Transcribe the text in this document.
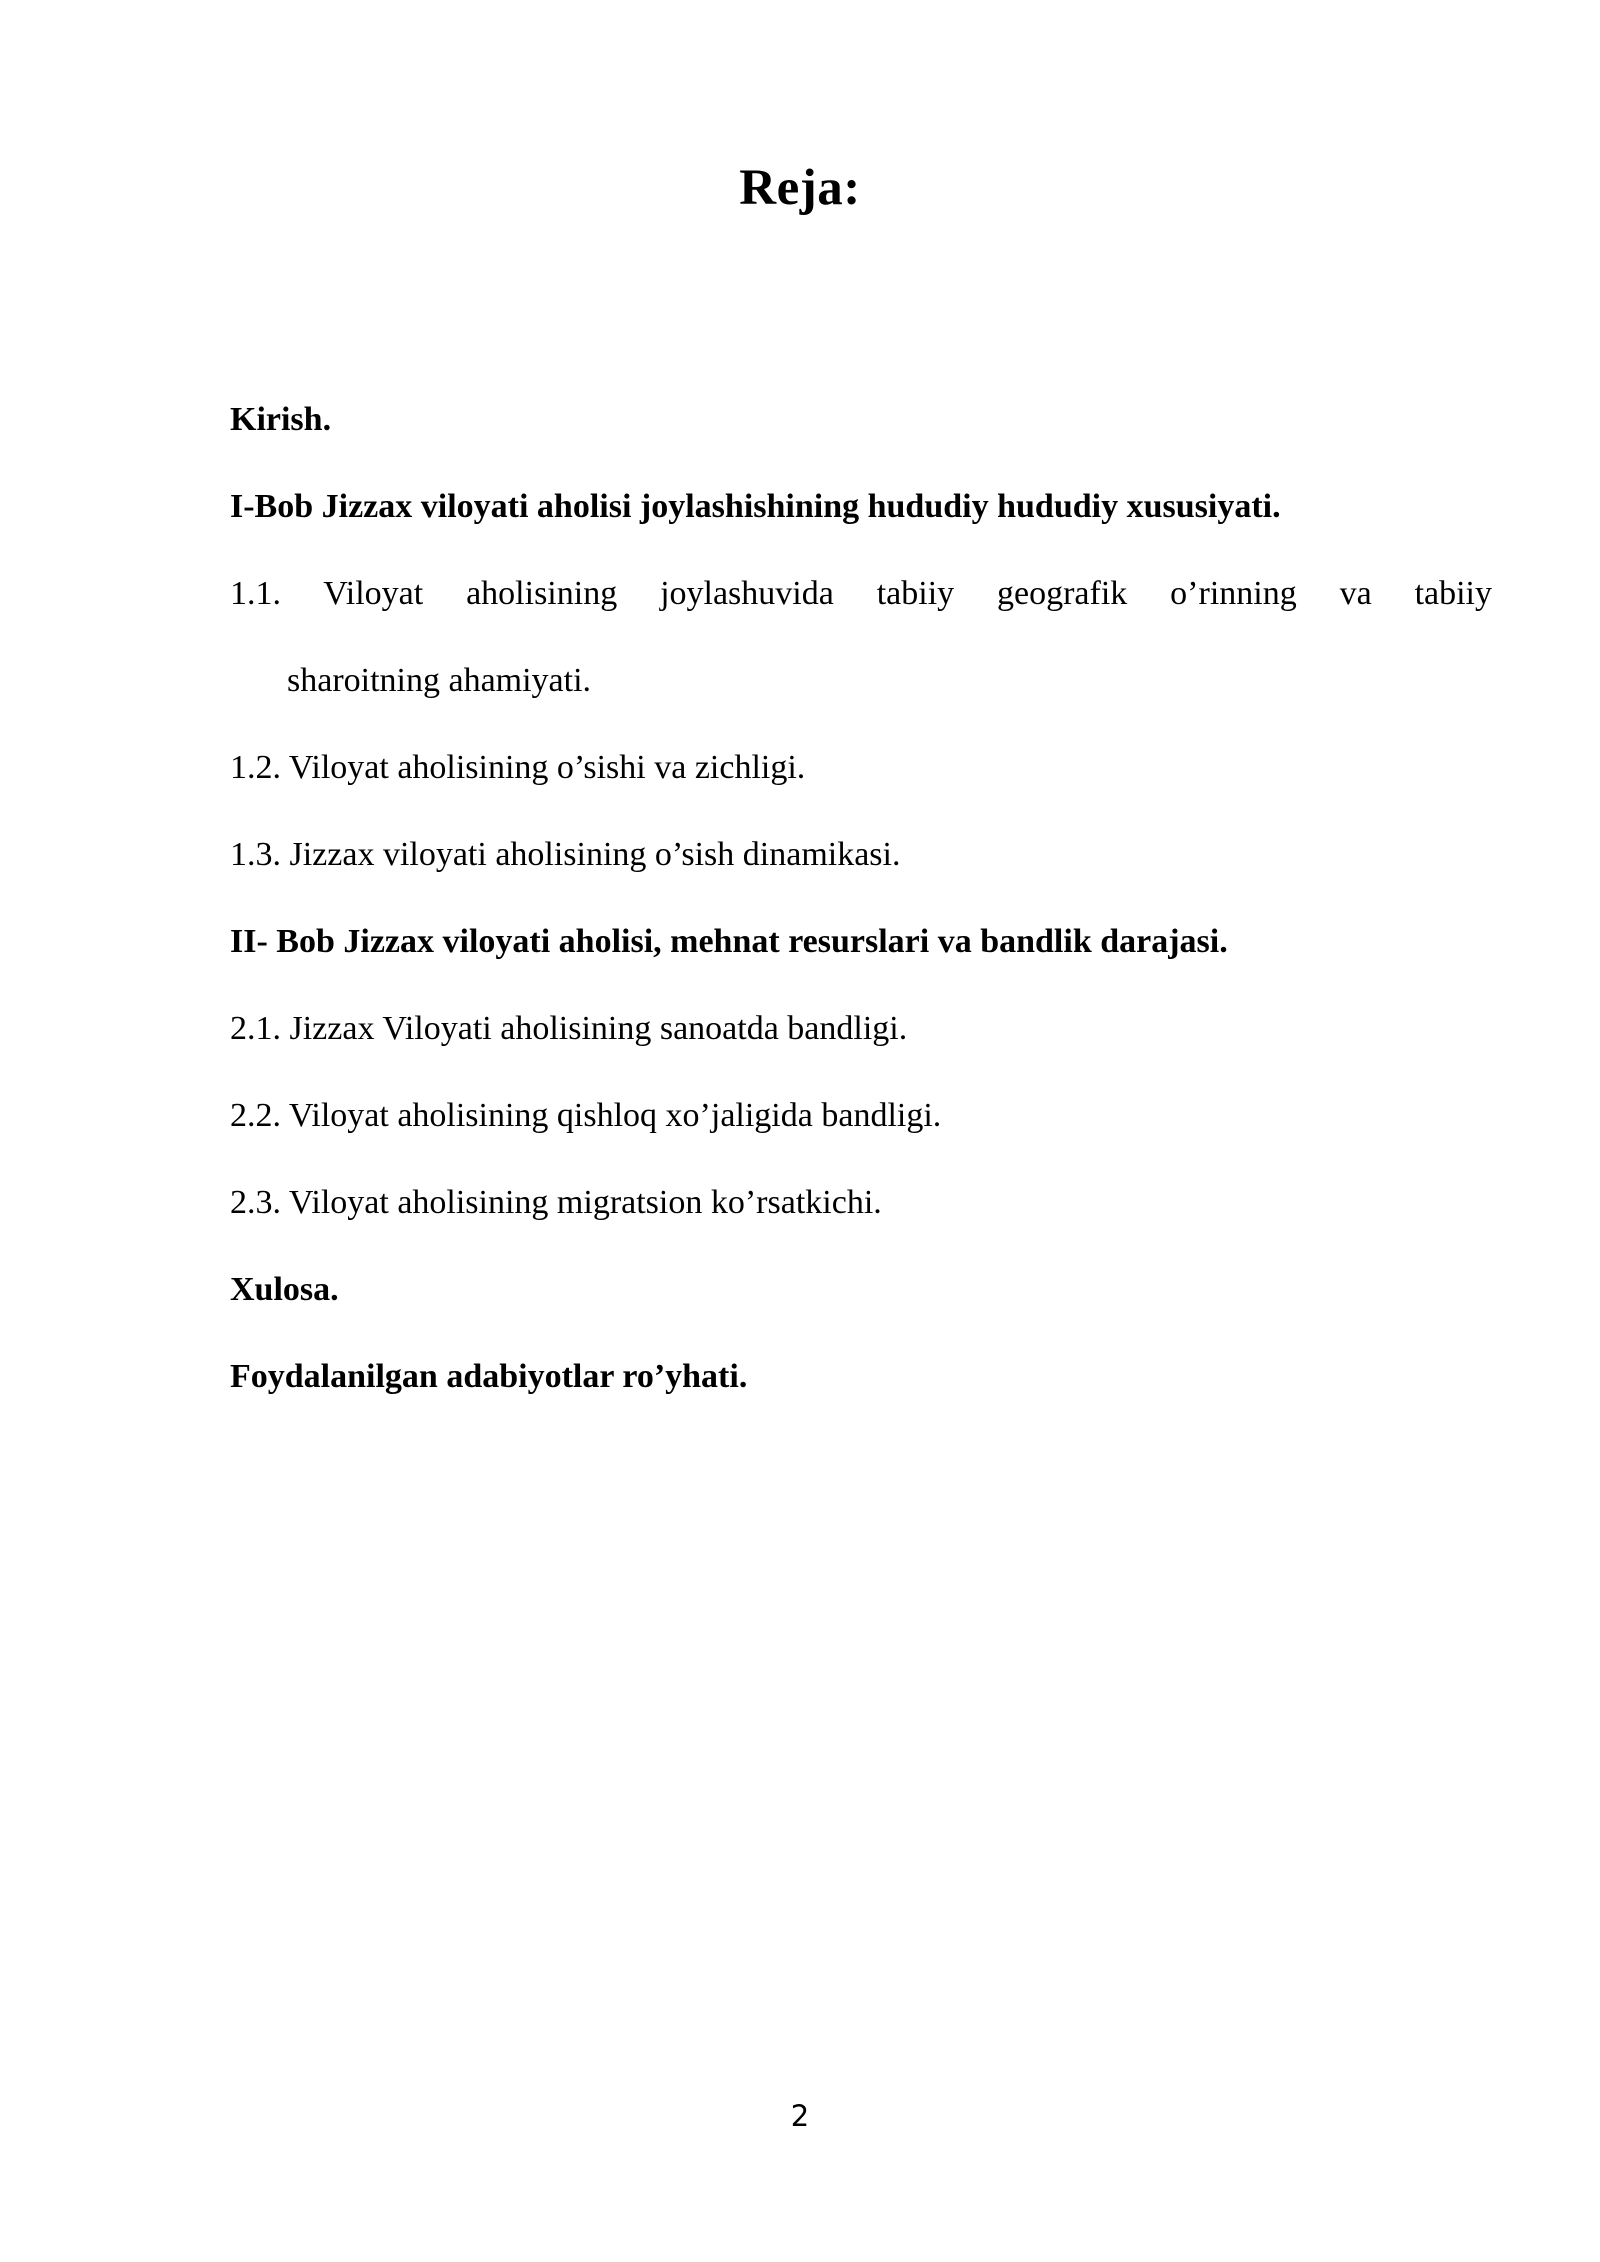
Reja:

Kirish.

I-Bob Jizzax viloyati aholisi joylashishining hududiy hududiy xususiyati.

1.1. Viloyat aholisining joylashuvida tabiiy geografik o’rinning va tabiiy

sharoitning ahamiyati.

1.2. Viloyat aholisining o’sishi va zichligi.

1.3. Jizzax viloyati aholisining o’sish dinamikasi.

II- Bob Jizzax viloyati aholisi, mehnat resurslari va bandlik darajasi.

2.1. Jizzax Viloyati aholisining sanoatda bandligi.

2.2. Viloyat aholisining qishloq xo’jaligida bandligi.

2.3. Viloyat aholisining migratsion ko’rsatkichi.

Xulosa.

Foydalanilgan adabiyotlar ro’yhati.

2
